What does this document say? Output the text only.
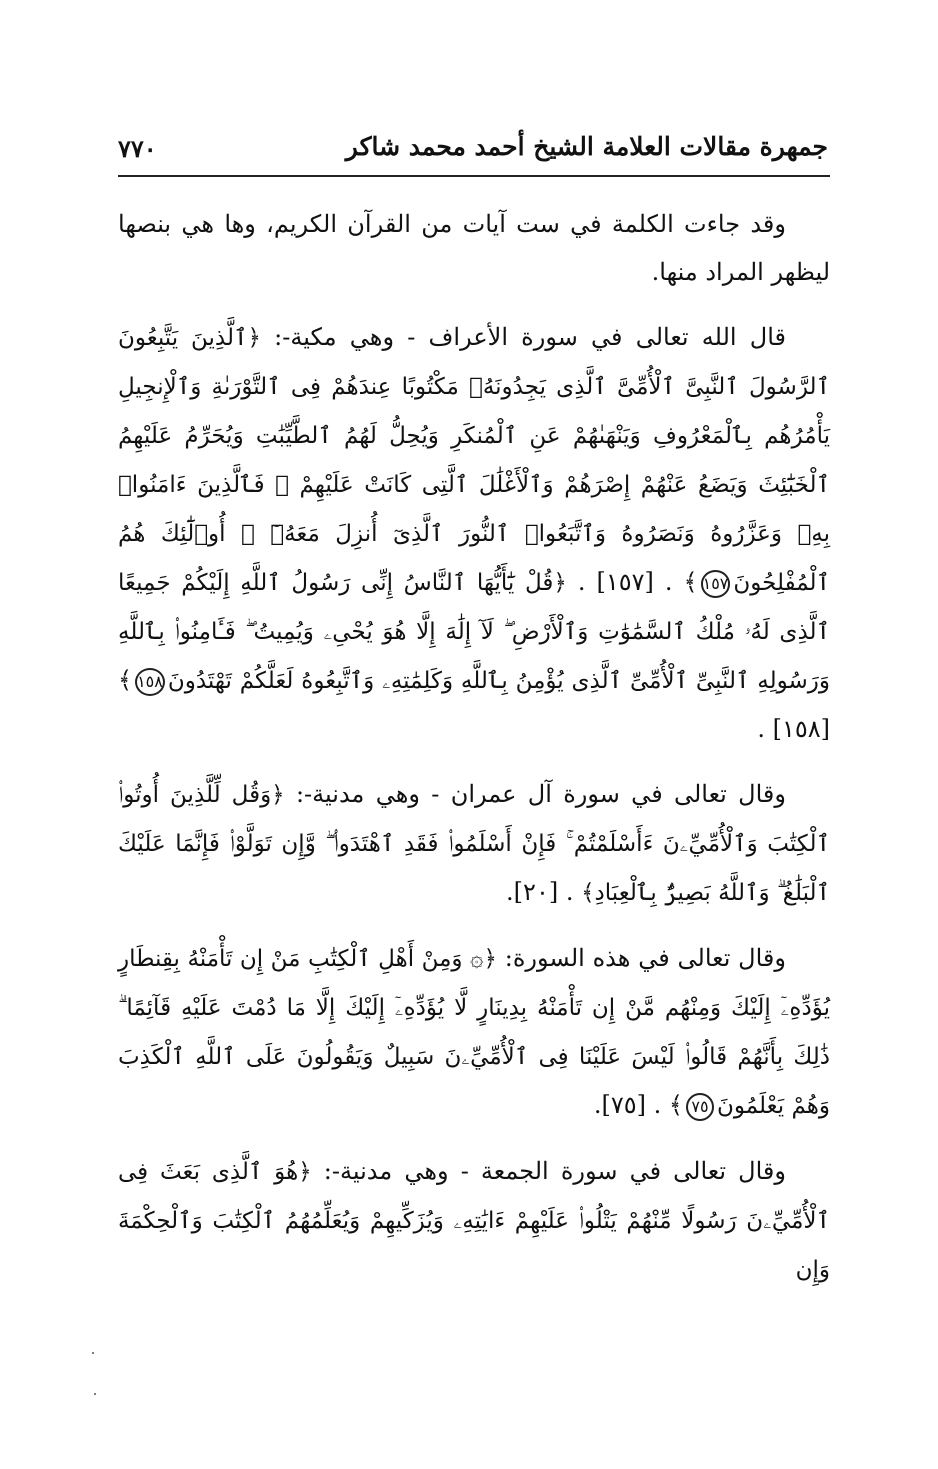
٧٧٠	جمهرة مقالات العلامة الشيخ أحمد محمد شاكر

وقد جاءت الكلمة في ست آيات من القرآن الكريم، وها هي بنصها ليظهر المراد منها.

قال الله تعالى في سورة الأعراف - وهي مكية-: ﴿ٱلَّذِينَ يَتَّبِعُونَ ٱلرَّسُولَ ٱلنَّبِىَّ ٱلْأُمِّىَّ ٱلَّذِى يَجِدُونَهُۥ مَكْتُوبًا عِندَهُمْ فِى ٱلتَّوْرَىٰةِ وَٱلْإِنجِيلِ يَأْمُرُهُم بِٱلْمَعْرُوفِ وَيَنْهَىٰهُمْ عَنِ ٱلْمُنكَرِ وَيُحِلُّ لَهُمُ ٱلطَّيِّبَٰتِ وَيُحَرِّمُ عَلَيْهِمُ ٱلْخَبَٰٓئِثَ وَيَضَعُ عَنْهُمْ إِصْرَهُمْ وَٱلْأَغْلَٰلَ ٱلَّتِى كَانَتْ عَلَيْهِمْ ۚ فَٱلَّذِينَ ءَامَنُوا۟ بِهِۦ وَعَزَّرُوهُ وَنَصَرُوهُ وَٱتَّبَعُوا۟ ٱلنُّورَ ٱلَّذِىٓ أُنزِلَ مَعَهُۥٓ ۙ أُو۟لَٰٓئِكَ هُمُ ٱلْمُفْلِحُونَ١٥٧﴾ . [١٥٧] . ﴿قُلْ يَٰٓأَيُّهَا ٱلنَّاسُ إِنِّى رَسُولُ ٱللَّهِ إِلَيْكُمْ جَمِيعًا ٱلَّذِى لَهُۥ مُلْكُ ٱلسَّمَٰوَٰتِ وَٱلْأَرْضِ ۖ لَآ إِلَٰهَ إِلَّا هُوَ يُحْىِۦ وَيُمِيتُ ۖ فَـَٔامِنُوا۟ بِٱللَّهِ وَرَسُولِهِ ٱلنَّبِىِّ ٱلْأُمِّىِّ ٱلَّذِى يُؤْمِنُ بِٱللَّهِ وَكَلِمَٰتِهِۦ وَٱتَّبِعُوهُ لَعَلَّكُمْ تَهْتَدُونَ١٥٨﴾ [١٥٨] .

وقال تعالى في سورة آل عمران - وهي مدنية-: ﴿وَقُل لِّلَّذِينَ أُوتُوا۟ ٱلْكِتَٰبَ وَٱلْأُمِّيِّۦنَ ءَأَسْلَمْتُمْ ۚ فَإِنْ أَسْلَمُوا۟ فَقَدِ ٱهْتَدَوا۟ ۖ وَّإِن تَوَلَّوْا۟ فَإِنَّمَا عَلَيْكَ ٱلْبَلَٰغُ ۗ وَٱللَّهُ بَصِيرٌۢ بِٱلْعِبَادِ﴾ . [٢٠].

وقال تعالى في هذه السورة: ﴿۞ وَمِنْ أَهْلِ ٱلْكِتَٰبِ مَنْ إِن تَأْمَنْهُ بِقِنطَارٍ يُؤَدِّهِۦٓ إِلَيْكَ وَمِنْهُم مَّنْ إِن تَأْمَنْهُ بِدِينَارٍ لَّا يُؤَدِّهِۦٓ إِلَيْكَ إِلَّا مَا دُمْتَ عَلَيْهِ قَآئِمًا ۗ ذَٰلِكَ بِأَنَّهُمْ قَالُوا۟ لَيْسَ عَلَيْنَا فِى ٱلْأُمِّيِّۦنَ سَبِيلٌ وَيَقُولُونَ عَلَى ٱللَّهِ ٱلْكَذِبَ وَهُمْ يَعْلَمُونَ٧٥﴾ . [٧٥].

وقال تعالى في سورة الجمعة - وهي مدنية-: ﴿هُوَ ٱلَّذِى بَعَثَ فِى ٱلْأُمِّيِّۦنَ رَسُولًا مِّنْهُمْ يَتْلُوا۟ عَلَيْهِمْ ءَايَٰتِهِۦ وَيُزَكِّيهِمْ وَيُعَلِّمُهُمُ ٱلْكِتَٰبَ وَٱلْحِكْمَةَ وَإِن
